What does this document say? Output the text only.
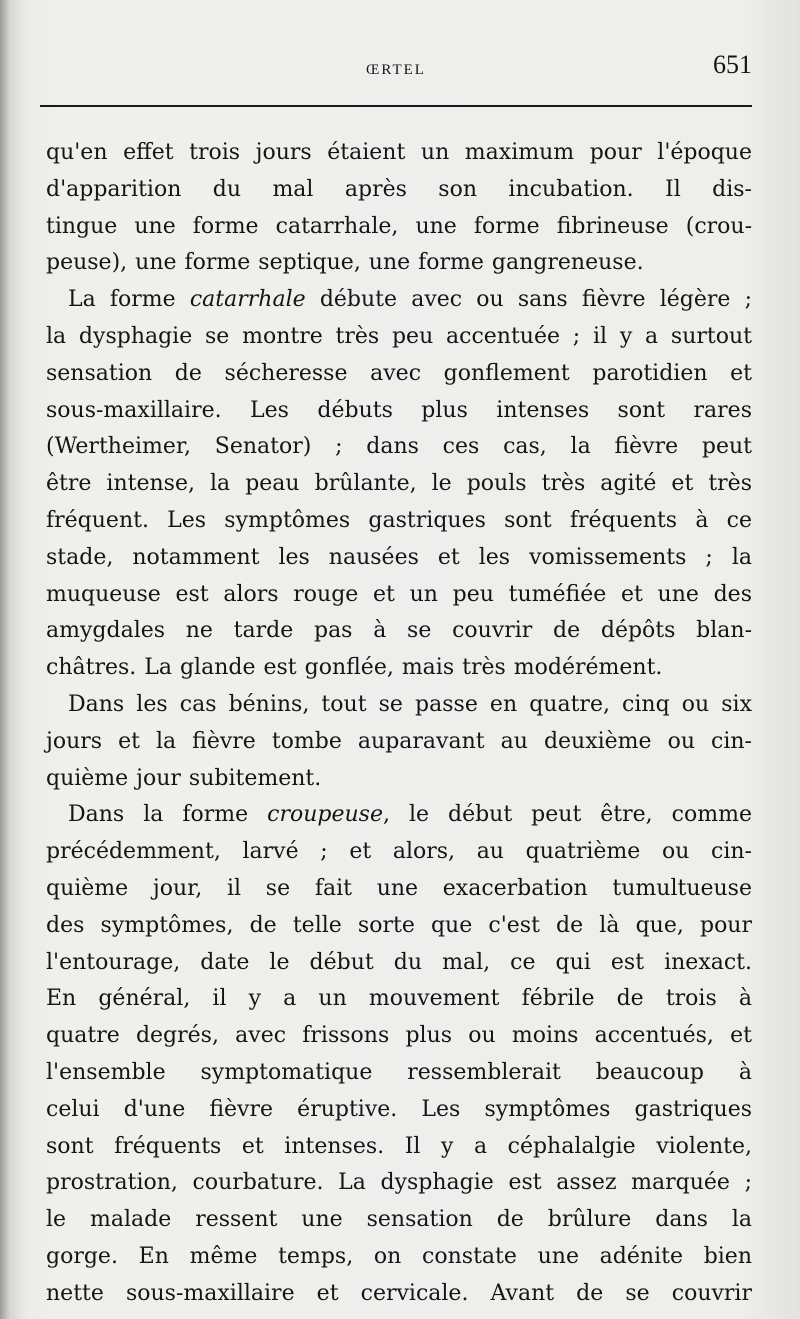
ŒRTEL	651
qu'en effet trois jours étaient un maximum pour l'époque
d'apparition du mal après son incubation. Il dis-
tingue une forme catarrhale, une forme fibrineuse (crou-
peuse), une forme septique, une forme gangreneuse.
La forme catarrhale débute avec ou sans fièvre légère ;
la dysphagie se montre très peu accentuée ; il y a surtout
sensation de sécheresse avec gonflement parotidien et
sous-maxillaire. Les débuts plus intenses sont rares
(Wertheimer, Senator) ; dans ces cas, la fièvre peut
être intense, la peau brûlante, le pouls très agité et très
fréquent. Les symptômes gastriques sont fréquents à ce
stade, notamment les nausées et les vomissements ; la
muqueuse est alors rouge et un peu tuméfiée et une des
amygdales ne tarde pas à se couvrir de dépôts blan-
châtres. La glande est gonflée, mais très modérément.
Dans les cas bénins, tout se passe en quatre, cinq ou six
jours et la fièvre tombe auparavant au deuxième ou cin-
quième jour subitement.
Dans la forme croupeuse, le début peut être, comme
précédemment, larvé ; et alors, au quatrième ou cin-
quième jour, il se fait une exacerbation tumultueuse
des symptômes, de telle sorte que c'est de là que, pour
l'entourage, date le début du mal, ce qui est inexact.
En général, il y a un mouvement fébrile de trois à
quatre degrés, avec frissons plus ou moins accentués, et
l'ensemble symptomatique ressemblerait beaucoup à
celui d'une fièvre éruptive. Les symptômes gastriques
sont fréquents et intenses. Il y a céphalalgie violente,
prostration, courbature. La dysphagie est assez marquée ;
le malade ressent une sensation de brûlure dans la
gorge. En même temps, on constate une adénite bien
nette sous-maxillaire et cervicale. Avant de se couvrir
